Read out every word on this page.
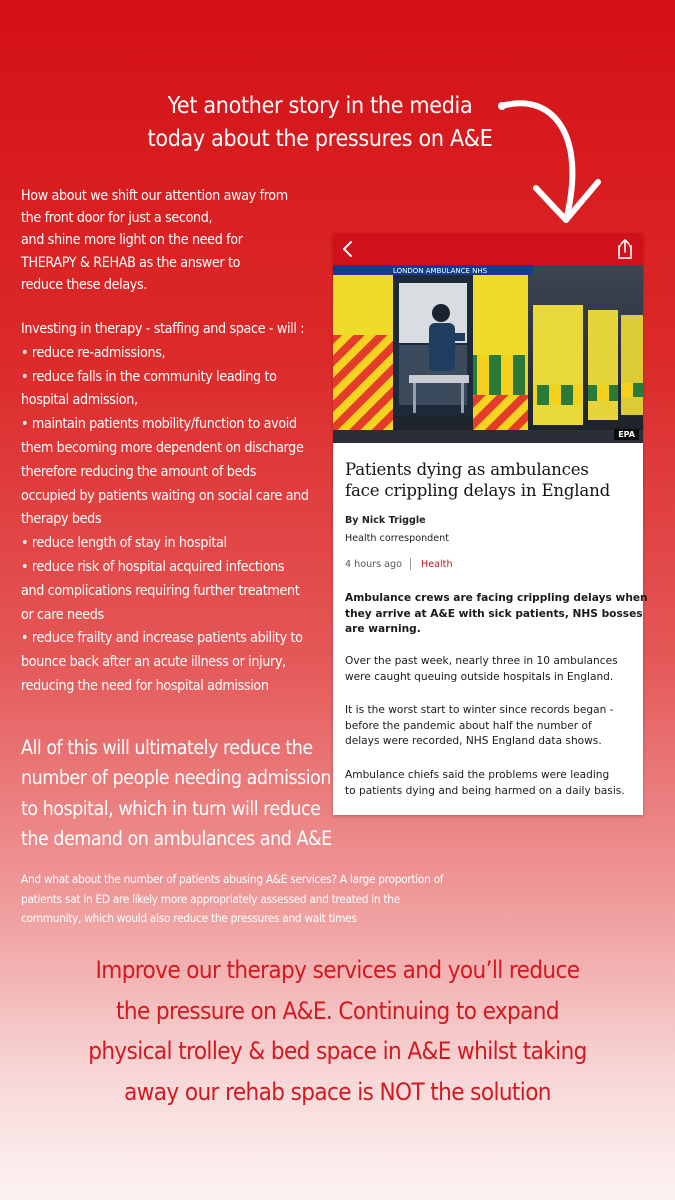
Yet another story in the media
today about the pressures on A&E
How about we shift our attention away from
the front door for just a second,
and shine more light on the need for
THERAPY & REHAB as the answer to
reduce these delays.
Investing in therapy - staffing and space - will :
• reduce re-admissions,
• reduce falls in the community leading to
hospital admission,
• maintain patients mobility/function to avoid
them becoming more dependent on discharge
therefore reducing the amount of beds
occupied by patients waiting on social care and
therapy beds
• reduce length of stay in hospital
• reduce risk of hospital acquired infections
and complications requiring further treatment
or care needs
• reduce frailty and increase patients ability to
bounce back after an acute illness or injury,
reducing the need for hospital admission
All of this will ultimately reduce the
number of people needing admission
to hospital, which in turn will reduce
the demand on ambulances and A&E
And what about the number of patients abusing A&E services? A large proportion of
patients sat in ED are likely more appropriately assessed and treated in the
community, which would also reduce the pressures and wait times
Improve our therapy services and you’ll reduce
the pressure on A&E. Continuing to expand
physical trolley & bed space in A&E whilst taking
away our rehab space is NOT the solution
LONDON AMBULANCE NHS
EPA
Patients dying as ambulances
face crippling delays in England
By Nick Triggle
Health correspondent
4 hours ago Health
Ambulance crews are facing crippling delays when
they arrive at A&E with sick patients, NHS bosses
are warning.
Over the past week, nearly three in 10 ambulances
were caught queuing outside hospitals in England.
It is the worst start to winter since records began -
before the pandemic about half the number of
delays were recorded, NHS England data shows.
Ambulance chiefs said the problems were leading
to patients dying and being harmed on a daily basis.
